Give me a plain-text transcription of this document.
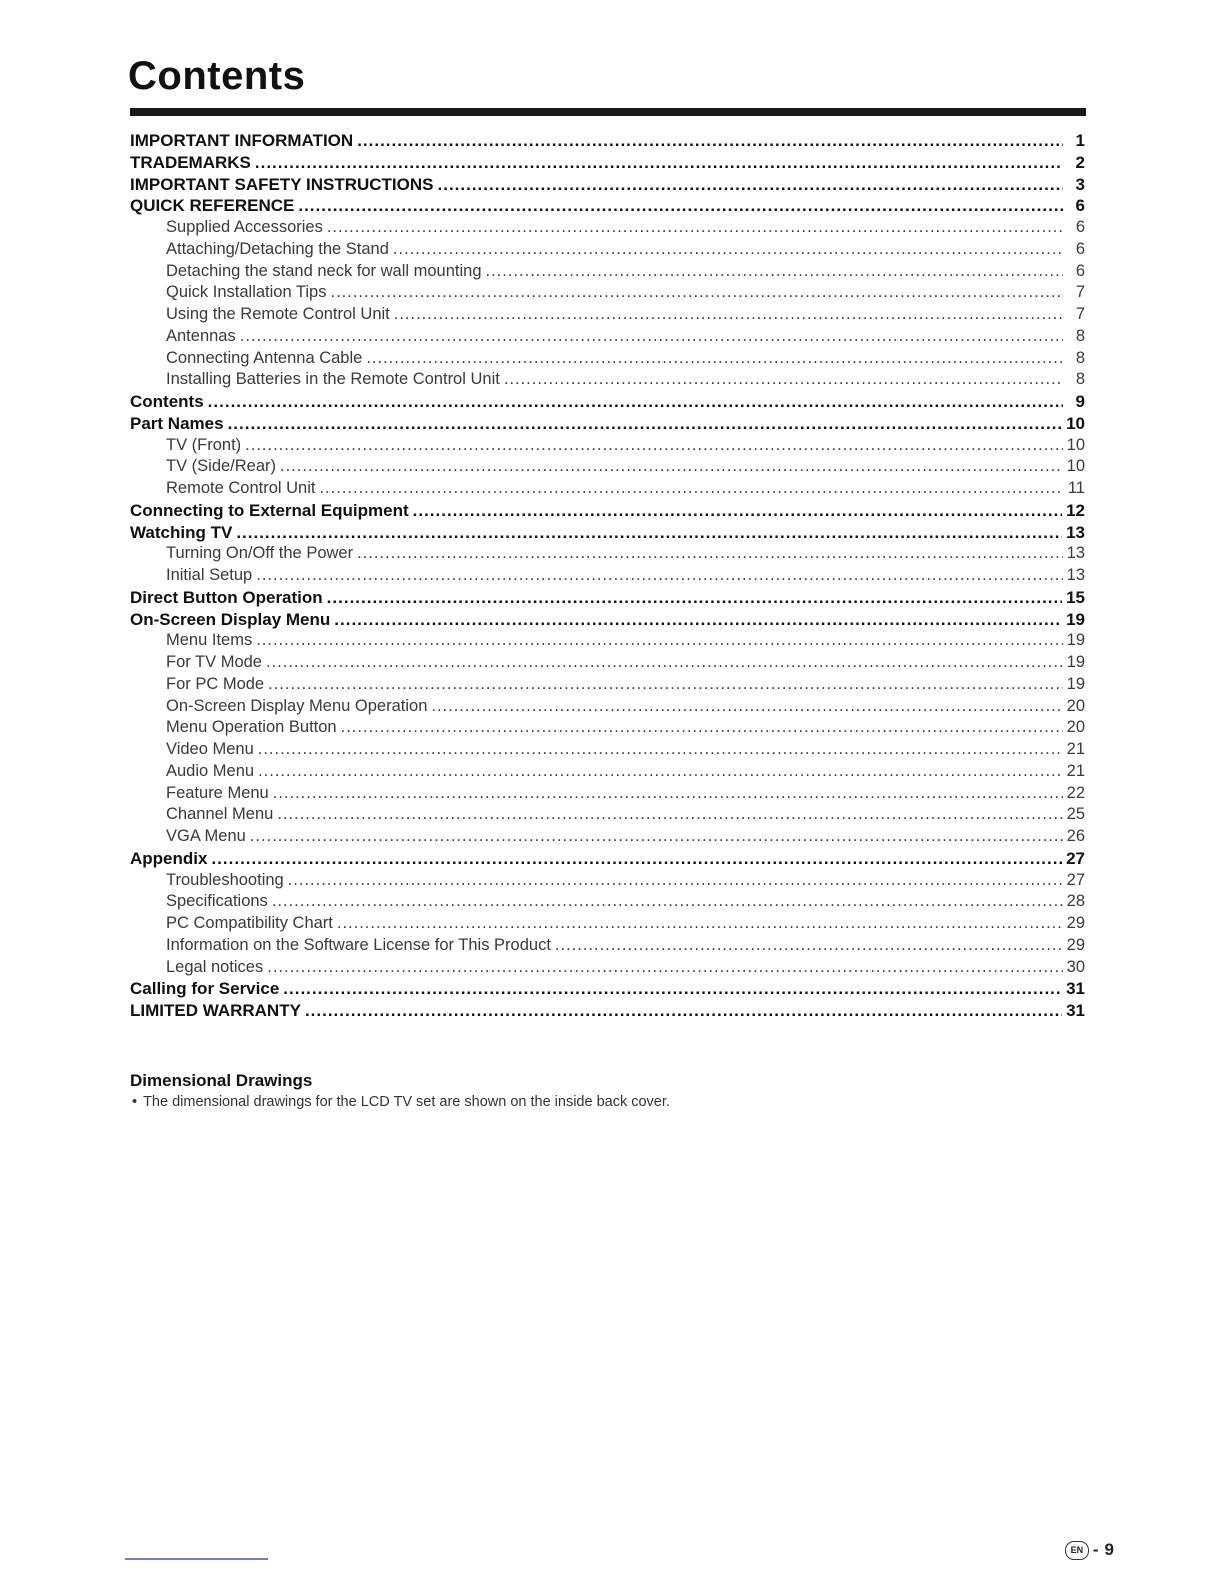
Contents
IMPORTANT INFORMATION .....	1
TRADEMARKS .....	2
IMPORTANT SAFETY INSTRUCTIONS .....	3
QUICK REFERENCE .....	6
Supplied Accessories .....	6
Attaching/Detaching the Stand .....	6
Detaching the stand neck for wall mounting .....	6
Quick Installation Tips .....	7
Using the Remote Control Unit .....	7
Antennas .....	8
Connecting Antenna Cable .....	8
Installing Batteries in the Remote Control Unit .....	8
Contents .....	9
Part Names .....	10
TV (Front) .....	10
TV (Side/Rear) .....	10
Remote Control Unit .....	11
Connecting to External Equipment .....	12
Watching TV .....	13
Turning On/Off the Power .....	13
Initial Setup .....	13
Direct Button Operation .....	15
On-Screen Display Menu .....	19
Menu Items .....	19
For TV Mode .....	19
For PC Mode .....	19
On-Screen Display Menu Operation .....	20
Menu Operation Button .....	20
Video Menu .....	21
Audio Menu .....	21
Feature Menu .....	22
Channel Menu .....	25
VGA Menu .....	26
Appendix .....	27
Troubleshooting .....	27
Specifications .....	28
PC Compatibility Chart .....	29
Information on the Software License for This Product .....	29
Legal notices .....	30
Calling for Service .....	31
LIMITED WARRANTY .....	31
Dimensional Drawings
• The dimensional drawings for the LCD TV set are shown on the inside back cover.
EN - 9
